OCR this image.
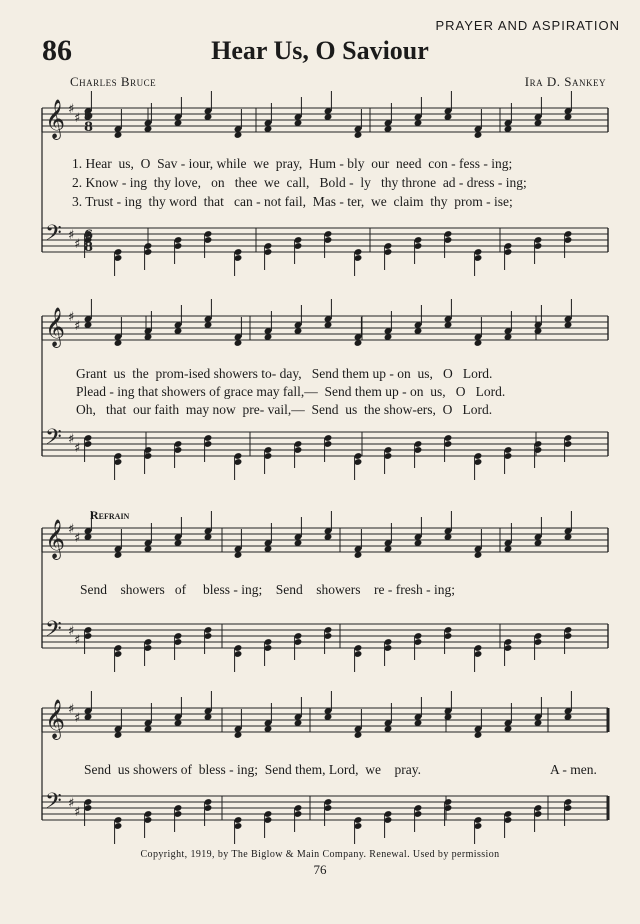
PRAYER AND ASPIRATION
86	Hear Us, O Saviour
Charles Bruce	Ira D. Sankey
𝄞 ♯
♯
𝄢 ♯
♯
𝄞 ♯
♯
𝄢 ♯
♯
𝄞 ♯
♯
𝄢 ♯
♯
𝄞 ♯
♯
𝄢 ♯
♯
6
8
6
8
1. Hear  us,  O  Sav - iour, while  we  pray,  Hum - bly  our  need  con - fess - ing;
2. Know - ing  thy love,   on   thee  we  call,   Bold -  ly   thy throne  ad - dress - ing;
3. Trust - ing  thy word  that   can - not fail,  Mas - ter,  we  claim  thy  prom - ise;
Grant  us  the  prom-ised showers to- day,   Send them up - on  us,   O   Lord.
Plead - ing that showers of grace may fall,—  Send them up - on  us,   O   Lord.
Oh,   that  our faith  may now  pre- vail,—  Send  us  the show-ers,  O   Lord.
Refrain
Send    showers   of     bless - ing;    Send    showers    re - fresh - ing;
Send  us showers of  bless - ing;  Send them, Lord,  we    pray.	A - men.
Copyright, 1919, by The Biglow & Main Company. Renewal. Used by permission
76
